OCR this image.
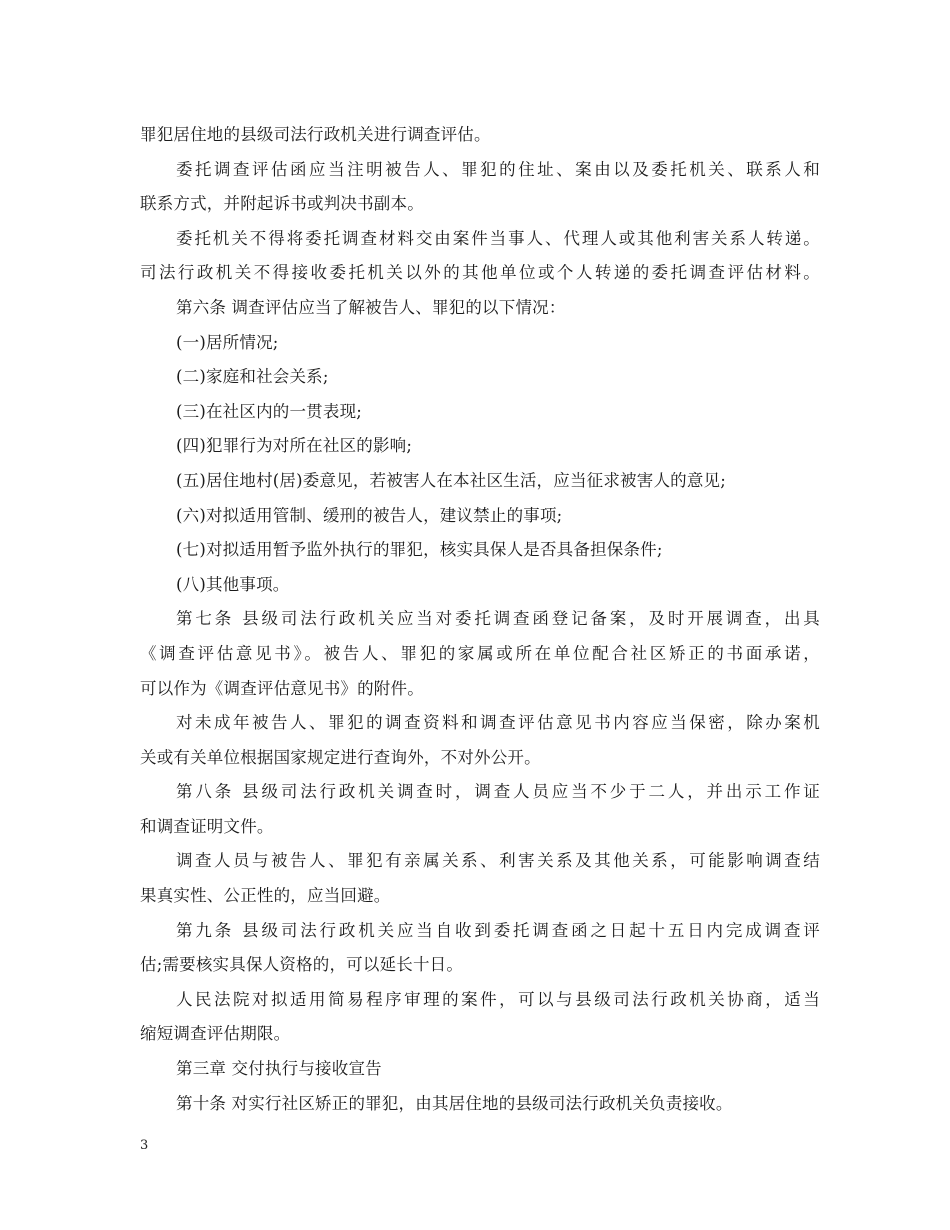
罪犯居住地的县级司法行政机关进行调查评估。
委托调查评估函应当注明被告人、罪犯的住址、案由以及委托机关、联系人和
联系方式，并附起诉书或判决书副本。
委托机关不得将委托调查材料交由案件当事人、代理人或其他利害关系人转递。
司法行政机关不得接收委托机关以外的其他单位或个人转递的委托调查评估材料。
第六条 调查评估应当了解被告人、罪犯的以下情况：
(一)居所情况;
(二)家庭和社会关系;
(三)在社区内的一贯表现;
(四)犯罪行为对所在社区的影响;
(五)居住地村(居)委意见，若被害人在本社区生活，应当征求被害人的意见;
(六)对拟适用管制、缓刑的被告人，建议禁止的事项;
(七)对拟适用暂予监外执行的罪犯，核实具保人是否具备担保条件;
(八)其他事项。
第七条 县级司法行政机关应当对委托调查函登记备案，及时开展调查，出具
《调查评估意见书》。被告人、罪犯的家属或所在单位配合社区矫正的书面承诺，
可以作为《调查评估意见书》的附件。
对未成年被告人、罪犯的调查资料和调查评估意见书内容应当保密，除办案机
关或有关单位根据国家规定进行查询外，不对外公开。
第八条 县级司法行政机关调查时，调查人员应当不少于二人，并出示工作证
和调查证明文件。
调查人员与被告人、罪犯有亲属关系、利害关系及其他关系，可能影响调查结
果真实性、公正性的，应当回避。
第九条 县级司法行政机关应当自收到委托调查函之日起十五日内完成调查评
估;需要核实具保人资格的，可以延长十日。
人民法院对拟适用简易程序审理的案件，可以与县级司法行政机关协商，适当
缩短调查评估期限。
第三章 交付执行与接收宣告
第十条 对实行社区矫正的罪犯，由其居住地的县级司法行政机关负责接收。
3
